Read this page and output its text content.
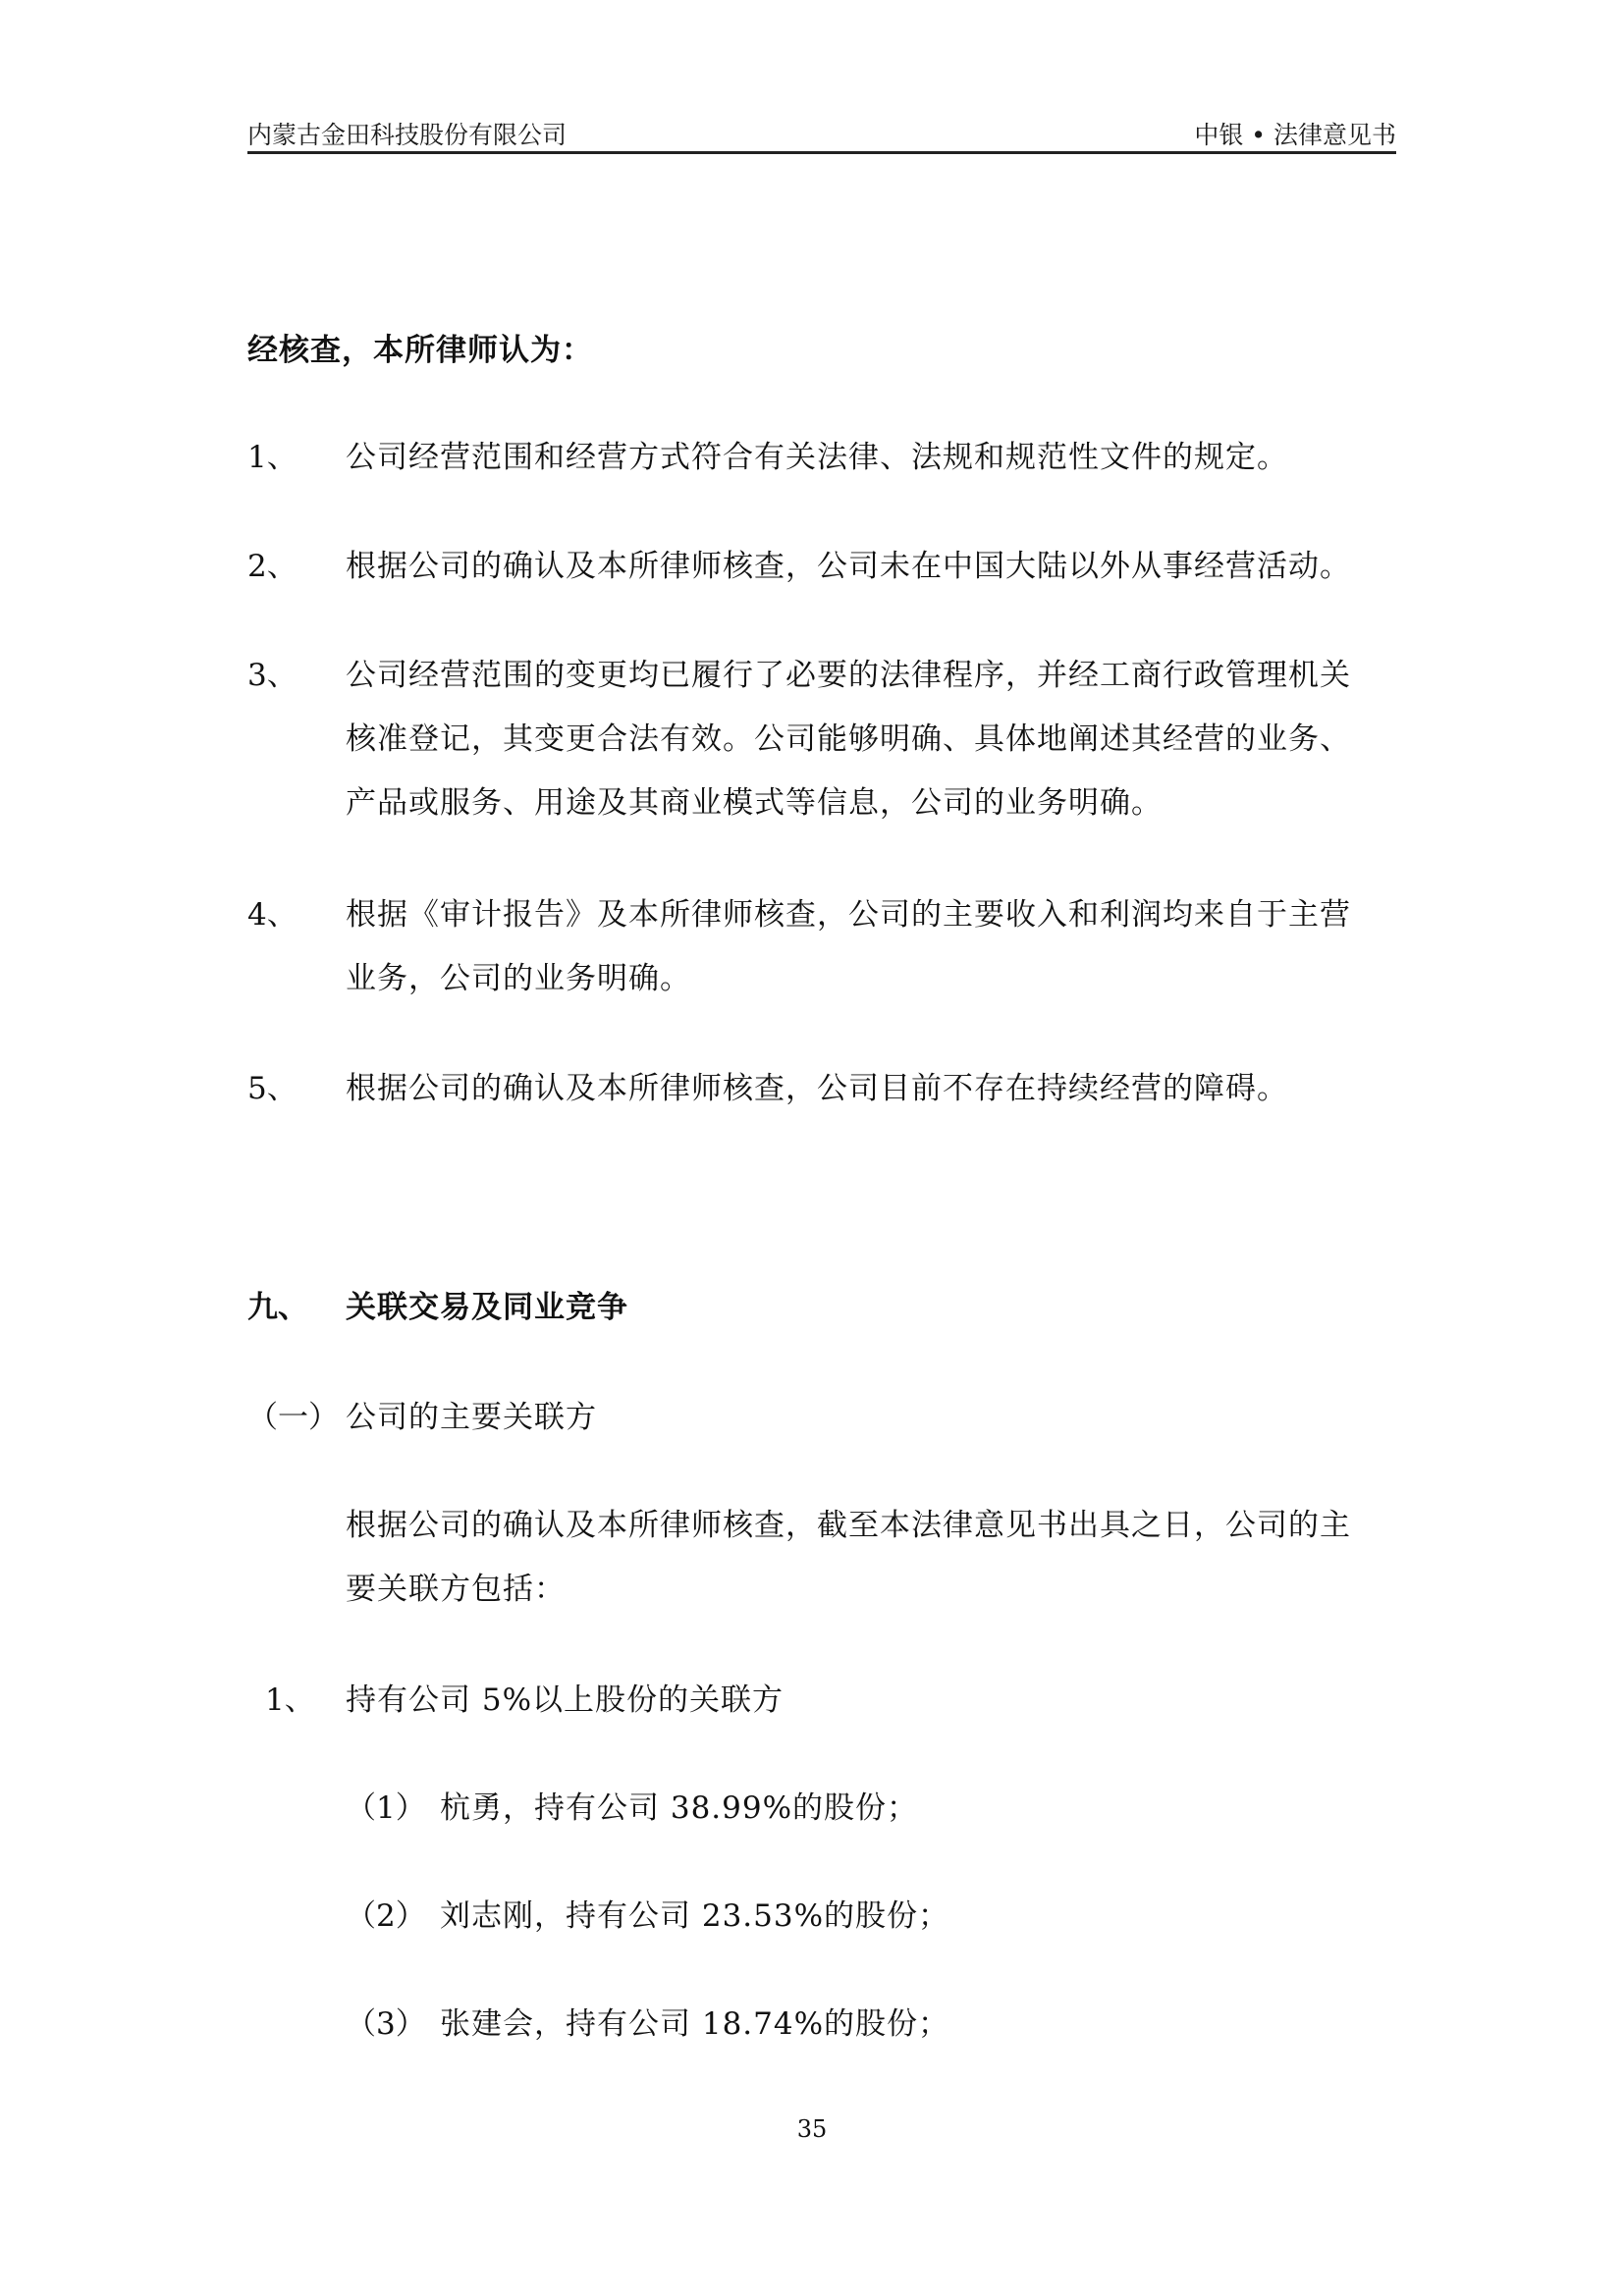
内蒙古金田科技股份有限公司	中银 • 法律意见书
经核查，本所律师认为：
1、 公司经营范围和经营方式符合有关法律、法规和规范性文件的规定。
2、 根据公司的确认及本所律师核查，公司未在中国大陆以外从事经营活动。
3、 公司经营范围的变更均已履行了必要的法律程序，并经工商行政管理机关
核准登记，其变更合法有效。公司能够明确、具体地阐述其经营的业务、
产品或服务、用途及其商业模式等信息，公司的业务明确。
4、 根据《审计报告》及本所律师核查，公司的主要收入和利润均来自于主营
业务，公司的业务明确。
5、 根据公司的确认及本所律师核查，公司目前不存在持续经营的障碍。
九、 关联交易及同业竞争
（一） 公司的主要关联方
根据公司的确认及本所律师核查，截至本法律意见书出具之日，公司的主
要关联方包括：
1、 持有公司 5%以上股份的关联方
（1） 杭勇，持有公司 38.99%的股份；
（2） 刘志刚，持有公司 23.53%的股份；
（3） 张建会，持有公司 18.74%的股份；
35
